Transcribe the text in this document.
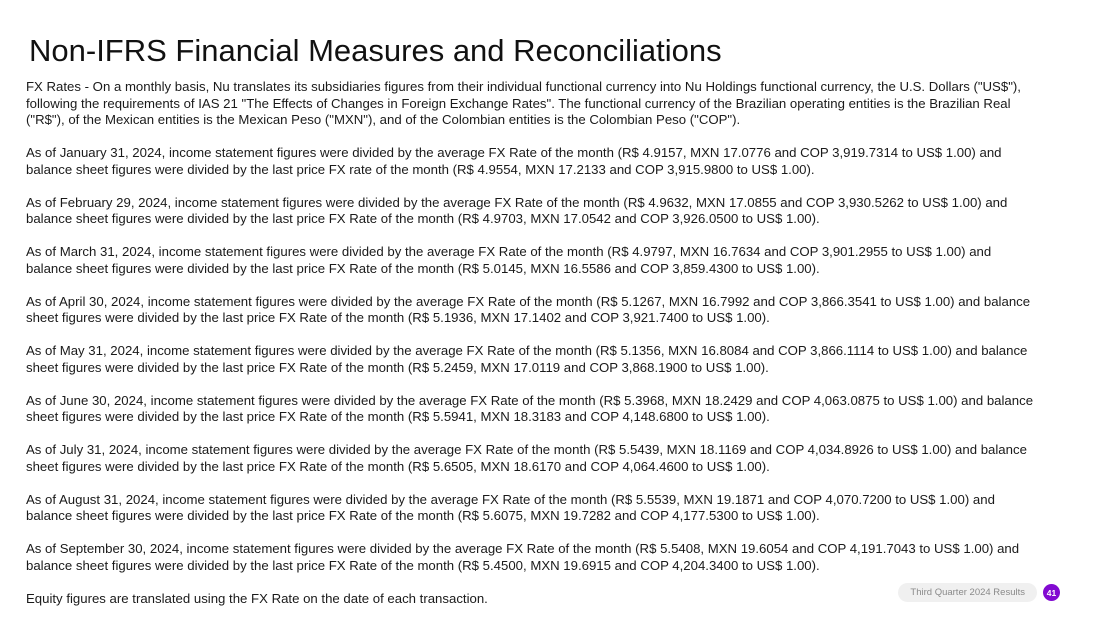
Non-IFRS Financial Measures and Reconciliations

FX Rates - On a monthly basis, Nu translates its subsidiaries figures from their individual functional currency into Nu Holdings functional currency, the U.S. Dollars ("US$"), following the requirements of IAS 21 "The Effects of Changes in Foreign Exchange Rates". The functional currency of the Brazilian operating entities is the Brazilian Real ("R$"), of the Mexican entities is the Mexican Peso ("MXN"), and of the Colombian entities is the Colombian Peso ("COP").

As of January 31, 2024, income statement figures were divided by the average FX Rate of the month (R$ 4.9157, MXN 17.0776 and COP 3,919.7314 to US$ 1.00) and balance sheet figures were divided by the last price FX rate of the month (R$ 4.9554, MXN 17.2133 and COP 3,915.9800 to US$ 1.00).

As of February 29, 2024, income statement figures were divided by the average FX Rate of the month (R$ 4.9632, MXN 17.0855 and COP 3,930.5262 to US$ 1.00) and balance sheet figures were divided by the last price FX Rate of the month (R$ 4.9703, MXN 17.0542 and COP 3,926.0500 to US$ 1.00).

As of March 31, 2024, income statement figures were divided by the average FX Rate of the month (R$ 4.9797, MXN 16.7634 and COP 3,901.2955 to US$ 1.00) and balance sheet figures were divided by the last price FX Rate of the month (R$ 5.0145, MXN 16.5586 and COP 3,859.4300 to US$ 1.00).

As of April 30, 2024, income statement figures were divided by the average FX Rate of the month (R$ 5.1267, MXN 16.7992 and COP 3,866.3541 to US$ 1.00) and balance sheet figures were divided by the last price FX Rate of the month (R$ 5.1936, MXN 17.1402 and COP 3,921.7400 to US$ 1.00).

As of May 31, 2024, income statement figures were divided by the average FX Rate of the month (R$ 5.1356, MXN 16.8084 and COP 3,866.1114 to US$ 1.00) and balance sheet figures were divided by the last price FX Rate of the month (R$ 5.2459, MXN 17.0119 and COP 3,868.1900 to US$ 1.00).

As of June 30, 2024, income statement figures were divided by the average FX Rate of the month (R$ 5.3968, MXN 18.2429 and COP 4,063.0875 to US$ 1.00) and balance sheet figures were divided by the last price FX Rate of the month (R$ 5.5941, MXN 18.3183 and COP 4,148.6800 to US$ 1.00).

As of July 31, 2024, income statement figures were divided by the average FX Rate of the month (R$ 5.5439, MXN 18.1169 and COP 4,034.8926 to US$ 1.00) and balance sheet figures were divided by the last price FX Rate of the month (R$ 5.6505, MXN 18.6170 and COP 4,064.4600 to US$ 1.00).

As of August 31, 2024, income statement figures were divided by the average FX Rate of the month (R$ 5.5539, MXN 19.1871 and COP 4,070.7200 to US$ 1.00) and balance sheet figures were divided by the last price FX Rate of the month (R$ 5.6075, MXN 19.7282 and COP 4,177.5300 to US$ 1.00).

As of September 30, 2024, income statement figures were divided by the average FX Rate of the month (R$ 5.5408, MXN 19.6054 and COP 4,191.7043 to US$ 1.00) and balance sheet figures were divided by the last price FX Rate of the month (R$ 5.4500, MXN 19.6915 and COP 4,204.3400 to US$ 1.00).

Equity figures are translated using the FX Rate on the date of each transaction.	Third Quarter 2024 Results	41
